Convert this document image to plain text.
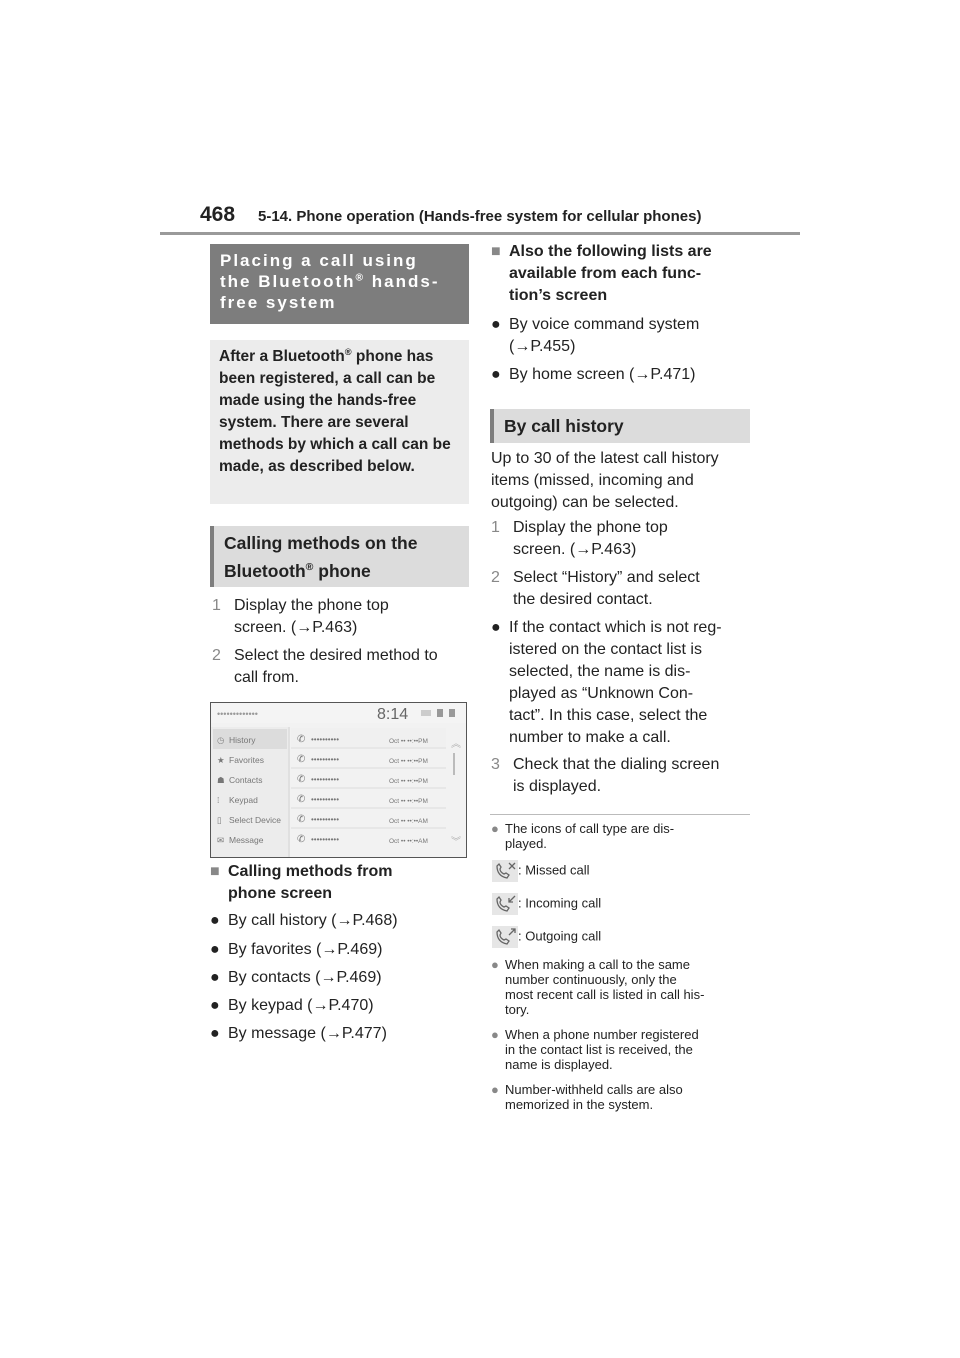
468 5-14. Phone operation (Hands-free system for cellular phones)
Placing a call using
the Bluetooth® hands-
free system
After a Bluetooth® phone has been registered, a call can be made using the hands-free system. There are several methods by which a call can be made, as described below.
Calling methods on the
Bluetooth® phone
1 Display the phone top
screen. (→P.463)
2 Select the desired method to
call from.
•••••••••••••	8:14
◷ History
★ Favorites
☗ Contacts
⁞ Keypad
▯ Select Device
✉ Message
✆ ••••••••••	Oct •• ••:••PM
✆ ••••••••••	Oct •• ••:••PM
✆ ••••••••••	Oct •• ••:••PM
✆ ••••••••••	Oct •• ••:••PM
✆ ••••••••••	Oct •• ••:••AM
✆ ••••••••••	Oct •• ••:••AM
︽
︾
■ Calling methods from
phone screen
● By call history (→P.468)
● By favorites (→P.469)
● By contacts (→P.469)
● By keypad (→P.470)
● By message (→P.477)
■ Also the following lists are
available from each func-
tion’s screen
● By voice command system
(→P.455)
● By home screen (→P.471)
By call history
Up to 30 of the latest call history
items (missed, incoming and
outgoing) can be selected.
1 Display the phone top
screen. (→P.463)
2 Select “History” and select
the desired contact.
● If the contact which is not reg-
istered on the contact list is
selected, the name is dis-
played as “Unknown Con-
tact”. In this case, select the
number to make a call.
3 Check that the dialing screen
is displayed.
● The icons of call type are dis-
played.
: Missed call
: Incoming call
: Outgoing call
● When making a call to the same
number continuously, only the
most recent call is listed in call his-
tory.
● When a phone number registered
in the contact list is received, the
name is displayed.
● Number-withheld calls are also
memorized in the system.
